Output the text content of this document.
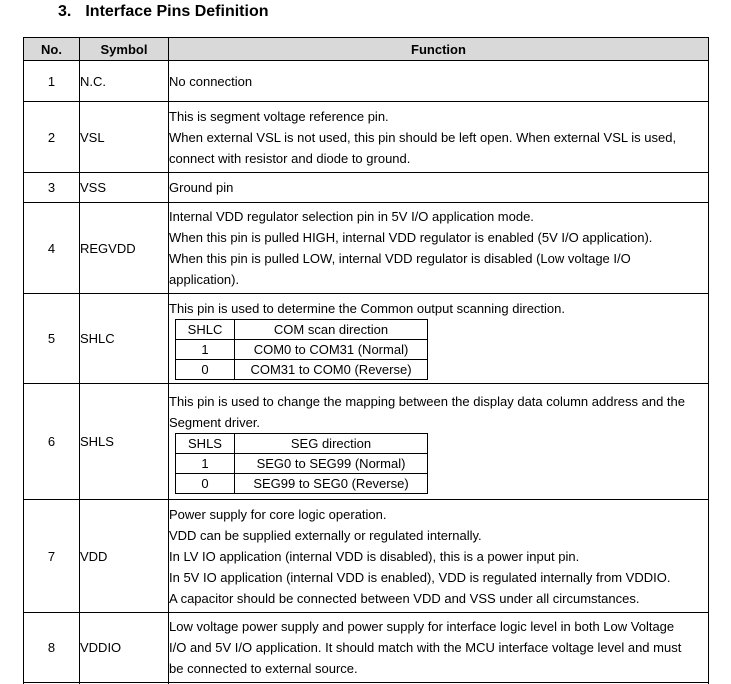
3. Interface Pins Definition
No.	Symbol	Function
1	N.C.	No connection

2	VSL	
This is segment voltage reference pin.
When external VSL is not used, this pin should be left open. When external VSL is used,
connect with resistor and diode to ground.

3	VSS	Ground pin

4	REGVDD	
Internal VDD regulator selection pin in 5V I/O application mode.
When this pin is pulled HIGH, internal VDD regulator is enabled (5V I/O application).
When this pin is pulled LOW, internal VDD regulator is disabled (Low voltage I/O
application).

5	SHLC	
This pin is used to determine the Common output scanning direction.
SHLC	COM scan direction
1	COM0 to COM31 (Normal)
0	COM31 to COM0 (Reverse)

6	SHLS	
This pin is used to change the mapping between the display data column address and the
Segment driver.
SHLS	SEG direction
1	SEG0 to SEG99 (Normal)
0	SEG99 to SEG0 (Reverse)

7	VDD	
Power supply for core logic operation.
VDD can be supplied externally or regulated internally.
In LV IO application (internal VDD is disabled), this is a power input pin.
In 5V IO application (internal VDD is enabled), VDD is regulated internally from VDDIO.
A capacitor should be connected between VDD and VSS under all circumstances.

8	VDDIO	
Low voltage power supply and power supply for interface logic level in both Low Voltage
I/O and 5V I/O application. It should match with the MCU interface voltage level and must
be connected to external source.
